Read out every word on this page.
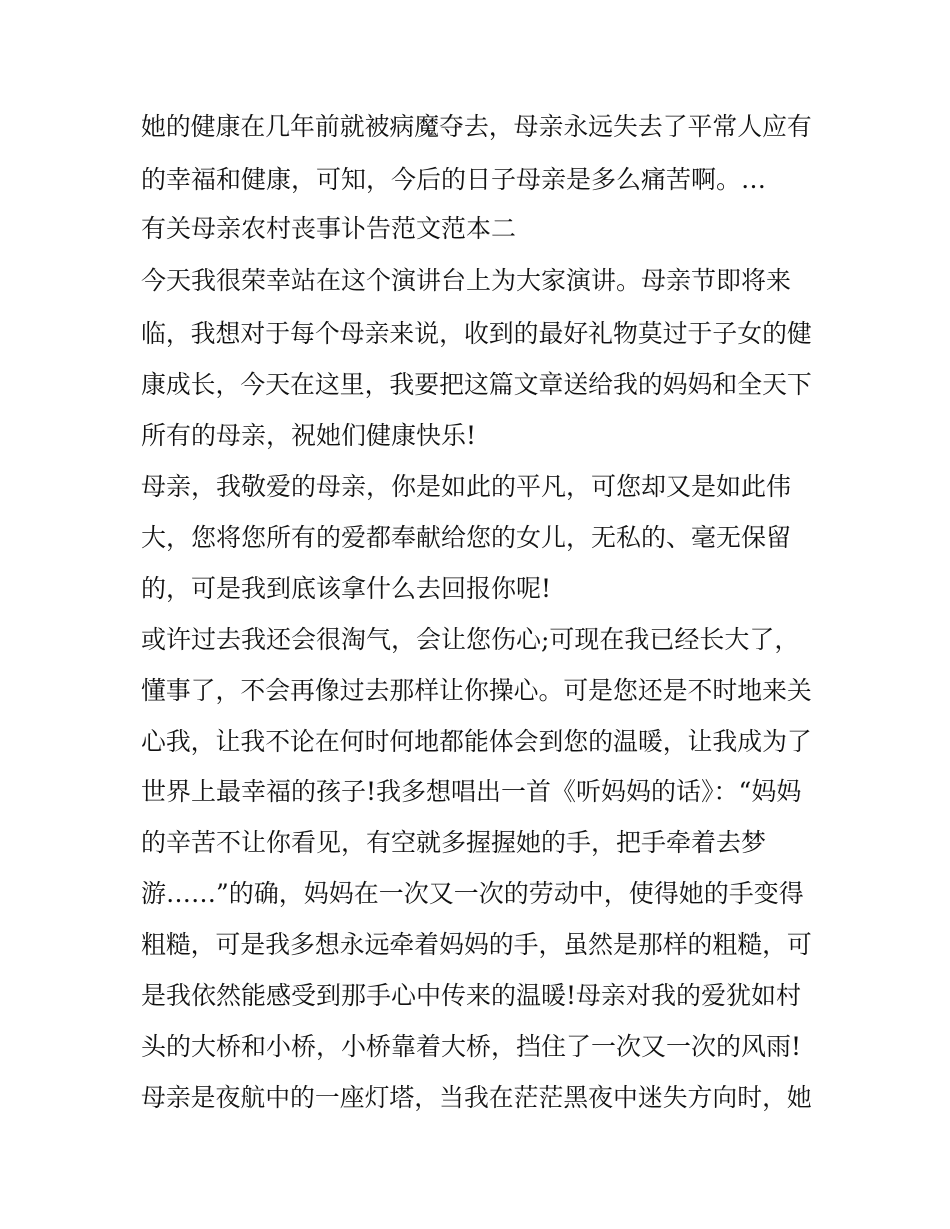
她的健康在几年前就被病魔夺去，母亲永远失去了平常人应有
的幸福和健康，可知，今后的日子母亲是多么痛苦啊。…
有关母亲农村丧事讣告范文范本二
今天我很荣幸站在这个演讲台上为大家演讲。母亲节即将来
临，我想对于每个母亲来说，收到的最好礼物莫过于子女的健
康成长，今天在这里，我要把这篇文章送给我的妈妈和全天下
所有的母亲，祝她们健康快乐!
母亲，我敬爱的母亲，你是如此的平凡，可您却又是如此伟
大，您将您所有的爱都奉献给您的女儿，无私的、毫无保留
的，可是我到底该拿什么去回报你呢!
或许过去我还会很淘气，会让您伤心;可现在我已经长大了，
懂事了，不会再像过去那样让你操心。可是您还是不时地来关
心我，让我不论在何时何地都能体会到您的温暖，让我成为了
世界上最幸福的孩子!我多想唱出一首《听妈妈的话》：“妈妈
的辛苦不让你看见，有空就多握握她的手，把手牵着去梦
游……”的确，妈妈在一次又一次的劳动中，使得她的手变得
粗糙，可是我多想永远牵着妈妈的手，虽然是那样的粗糙，可
是我依然能感受到那手心中传来的温暖!母亲对我的爱犹如村
头的大桥和小桥，小桥靠着大桥，挡住了一次又一次的风雨!
母亲是夜航中的一座灯塔，当我在茫茫黑夜中迷失方向时，她
